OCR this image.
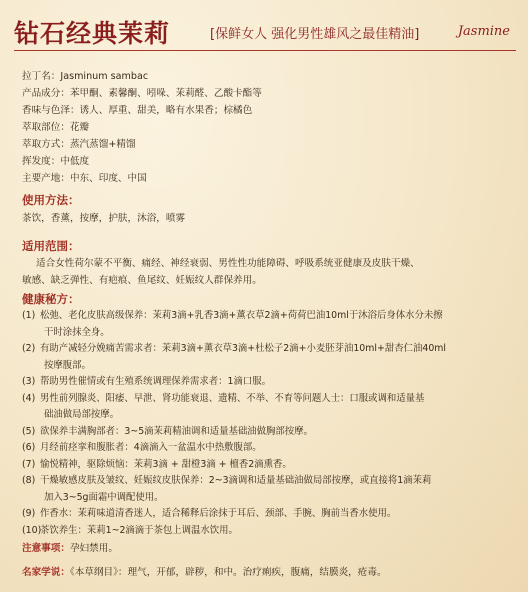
钻石经典茉莉	[保鲜女人 强化男性雄风之最佳精油]	Jasmine
拉丁名：Jasminum sambac
产品成分：苯甲酮、素馨酮、吲哚、茉莉醛、乙酸卡酯等
香味与色泽：诱人、厚重、甜美，略有水果香；棕橘色
萃取部位：花瓣
萃取方式：蒸汽蒸馏+精馏
挥发度：中低度
主要产地：中东、印度、中国
使用方法：
茶饮，香薰，按摩，护肤，沐浴，喷雾
适用范围：
适合女性荷尔蒙不平衡、痛经、神经衰弱、男性性功能障碍、呼吸系统亚健康及皮肤干燥、
敏感、缺乏弹性、有疤痕、鱼尾纹、妊娠纹人群保养用。
健康秘方：
(1) 松弛、老化皮肤高级保养：茉莉3滴+乳香3滴+薰衣草2滴+荷荷巴油10ml于沐浴后身体水分未擦
干时涂抹全身。
(2) 有助产减轻分娩痛苦需求者：茉莉3滴+薰衣草3滴+杜松子2滴+小麦胚芽油10ml+甜杏仁油40ml
按摩腹部。
(3) 帮助男性催情或有生殖系统调理保养需求者：1滴口服。
(4) 男性前列腺炎、阳痿、早泄、肾功能衰退、遗精、不举、不育等问题人士：口服或调和适量基
础油做局部按摩。
(5) 欲保养丰满胸部者：3~5滴茉莉精油调和适量基础油做胸部按摩。
(6) 月经前痉挛和腹胀者：4滴滴入一盆温水中热敷腹部。
(7) 愉悦精神，驱除烦恼：茉莉3滴 + 甜橙3滴 + 檀香2滴熏香。
(8) 干燥敏感皮肤及皱纹、妊娠纹皮肤保养：2~3滴调和适量基础油做局部按摩，或直接将1滴茉莉
加入3~5g面霜中调配使用。
(9) 作香水：茉莉味道清香迷人，适合稀释后涂抹于耳后、颈部、手腕、胸前当香水使用。
(10)
茶饮养生：茉莉1~2滴滴于茶包上调温水饮用。
注意事项：孕妇禁用。
名家学说：《本草纲目》：理气，开郁，辟秽，和中。治疗痢疾，腹痛，结膜炎，疮毒。
